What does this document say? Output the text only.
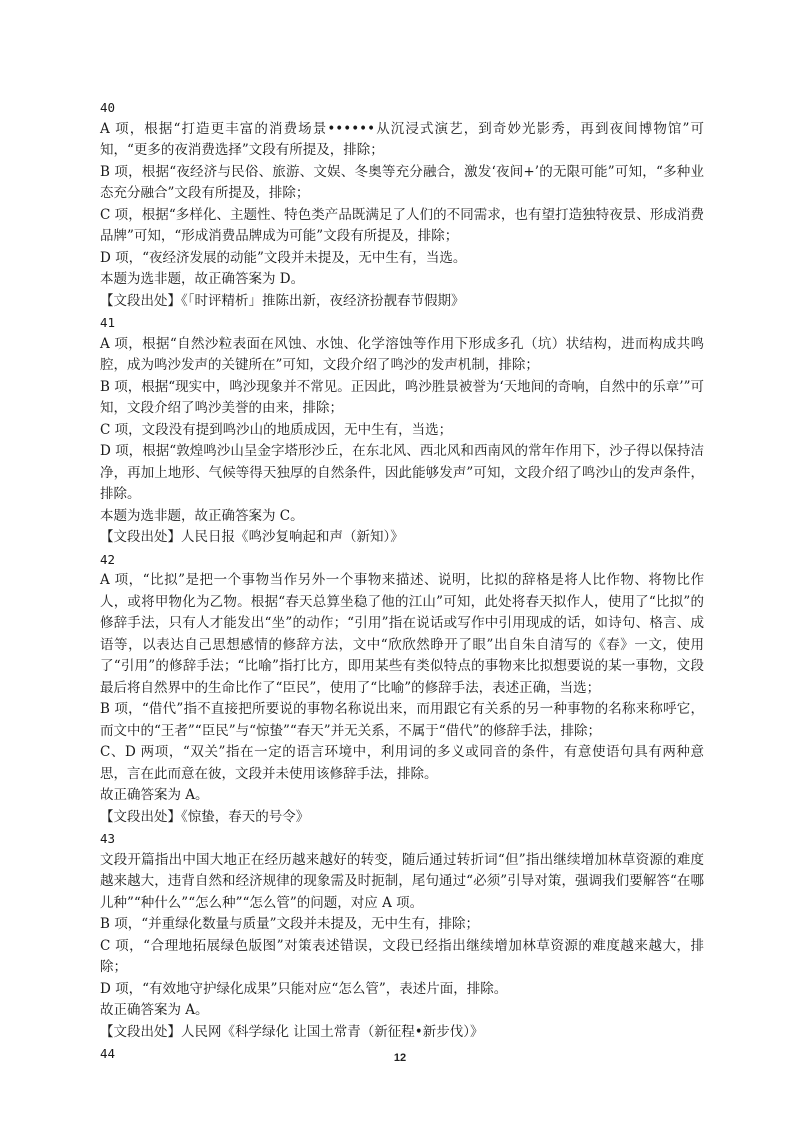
40

A 项，根据“打造更丰富的消费场景••••••从沉浸式演艺，到奇妙光影秀，再到夜间博物馆”可知，“更多的夜消费选择”文段有所提及，排除；

B 项，根据“夜经济与民俗、旅游、文娱、冬奥等充分融合，激发‘夜间+’的无限可能”可知，“多种业态充分融合”文段有所提及，排除；

C 项，根据“多样化、主题性、特色类产品既满足了人们的不同需求，也有望打造独特夜景、形成消费品牌”可知，“形成消费品牌成为可能”文段有所提及，排除；

D 项，“夜经济发展的动能”文段并未提及，无中生有，当选。

本题为选非题，故正确答案为 D。

【文段出处】《「时评精析」推陈出新，夜经济扮靓春节假期》

41

A 项，根据“自然沙粒表面在风蚀、水蚀、化学溶蚀等作用下形成多孔（坑）状结构，进而构成共鸣腔，成为鸣沙发声的关键所在”可知，文段介绍了鸣沙的发声机制，排除；

B 项，根据“现实中，鸣沙现象并不常见。正因此，鸣沙胜景被誉为‘天地间的奇响，自然中的乐章’”可知，文段介绍了鸣沙美誉的由来，排除；

C 项，文段没有提到鸣沙山的地质成因，无中生有，当选；

D 项，根据“敦煌鸣沙山呈金字塔形沙丘，在东北风、西北风和西南风的常年作用下，沙子得以保持洁净，再加上地形、气候等得天独厚的自然条件，因此能够发声”可知，文段介绍了鸣沙山的发声条件，排除。

本题为选非题，故正确答案为 C。

【文段出处】人民日报《鸣沙复响起和声（新知）》

42

A 项，“比拟”是把一个事物当作另外一个事物来描述、说明，比拟的辞格是将人比作物、将物比作人，或将甲物化为乙物。根据“春天总算坐稳了他的江山”可知，此处将春天拟作人，使用了“比拟”的修辞手法，只有人才能发出“坐”的动作；“引用”指在说话或写作中引用现成的话，如诗句、格言、成语等，以表达自己思想感情的修辞方法，文中“欣欣然睁开了眼”出自朱自清写的《春》一文，使用了“引用”的修辞手法；“比喻”指打比方，即用某些有类似特点的事物来比拟想要说的某一事物，文段最后将自然界中的生命比作了“臣民”，使用了“比喻”的修辞手法，表述正确，当选；

B 项，“借代”指不直接把所要说的事物名称说出来，而用跟它有关系的另一种事物的名称来称呼它，而文中的“王者”“臣民”与“惊蛰”“春天”并无关系，不属于“借代”的修辞手法，排除；

C、D 两项，“双关”指在一定的语言环境中，利用词的多义或同音的条件，有意使语句具有两种意思，言在此而意在彼，文段并未使用该修辞手法，排除。

故正确答案为 A。

【文段出处】《惊蛰，春天的号令》

43

文段开篇指出中国大地正在经历越来越好的转变，随后通过转折词“但”指出继续增加林草资源的难度越来越大，违背自然和经济规律的现象需及时扼制，尾句通过“必须”引导对策，强调我们要解答“在哪儿种”“种什么”“怎么种”“怎么管”的问题，对应 A 项。

B 项，“并重绿化数量与质量”文段并未提及，无中生有，排除；

C 项，“合理地拓展绿色版图”对策表述错误，文段已经指出继续增加林草资源的难度越来越大，排除；

D 项，“有效地守护绿化成果”只能对应“怎么管”，表述片面，排除。

故正确答案为 A。

【文段出处】人民网《科学绿化 让国土常青（新征程•新步伐）》

44	12
